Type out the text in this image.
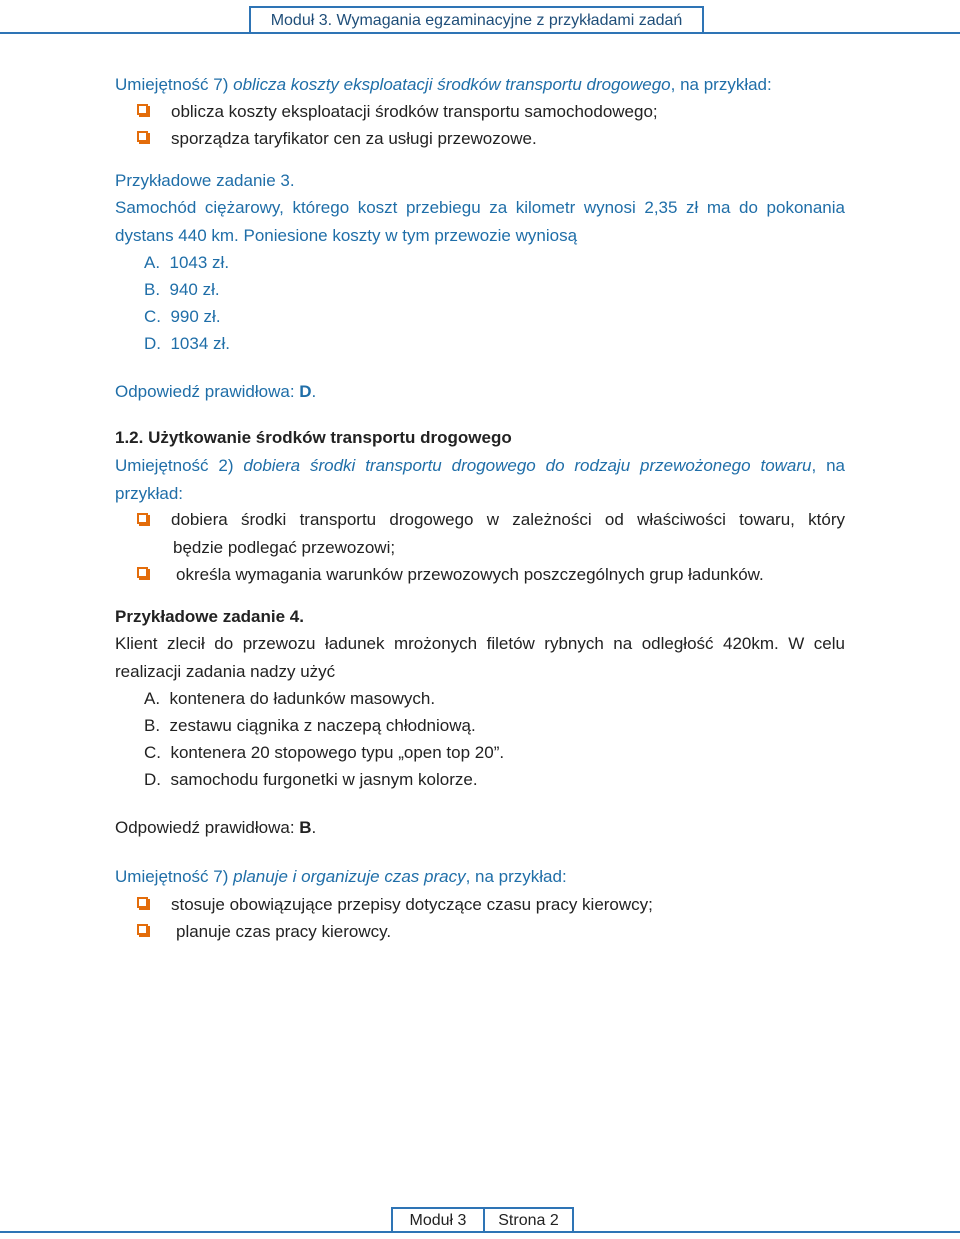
Moduł 3. Wymagania egzaminacyjne z przykładami zadań
Umiejętność 7) oblicza koszty eksploatacji środków transportu drogowego, na przykład:
oblicza koszty eksploatacji środków transportu samochodowego;
sporządza taryfikator cen za usługi przewozowe.
Przykładowe zadanie 3.
Samochód ciężarowy, którego koszt przebiegu za kilometr wynosi 2,35 zł ma do pokonania
dystans 440 km. Poniesione koszty w tym przewozie wyniosą
A. 1043 zł.
B. 940 zł.
C. 990 zł.
D. 1034 zł.
Odpowiedź prawidłowa: D.
1.2. Użytkowanie środków transportu drogowego
Umiejętność 2) dobiera środki transportu drogowego do rodzaju przewożonego towaru, na
przykład:
dobiera środki transportu drogowego w zależności od właściwości towaru, który
będzie podlegać przewozowi;
określa wymagania warunków przewozowych poszczególnych grup ładunków.
Przykładowe zadanie 4.
Klient zlecił do przewozu ładunek mrożonych filetów rybnych na odległość 420km. W celu
realizacji zadania nadzy użyć
A. kontenera do ładunków masowych.
B. zestawu ciągnika z naczepą chłodniową.
C. kontenera 20 stopowego typu „open top 20”.
D. samochodu furgonetki w jasnym kolorze.
Odpowiedź prawidłowa: B.
Umiejętność 7) planuje i organizuje czas pracy, na przykład:
stosuje obowiązujące przepisy dotyczące czasu pracy kierowcy;
planuje czas pracy kierowcy.
Moduł 3	Strona 2
